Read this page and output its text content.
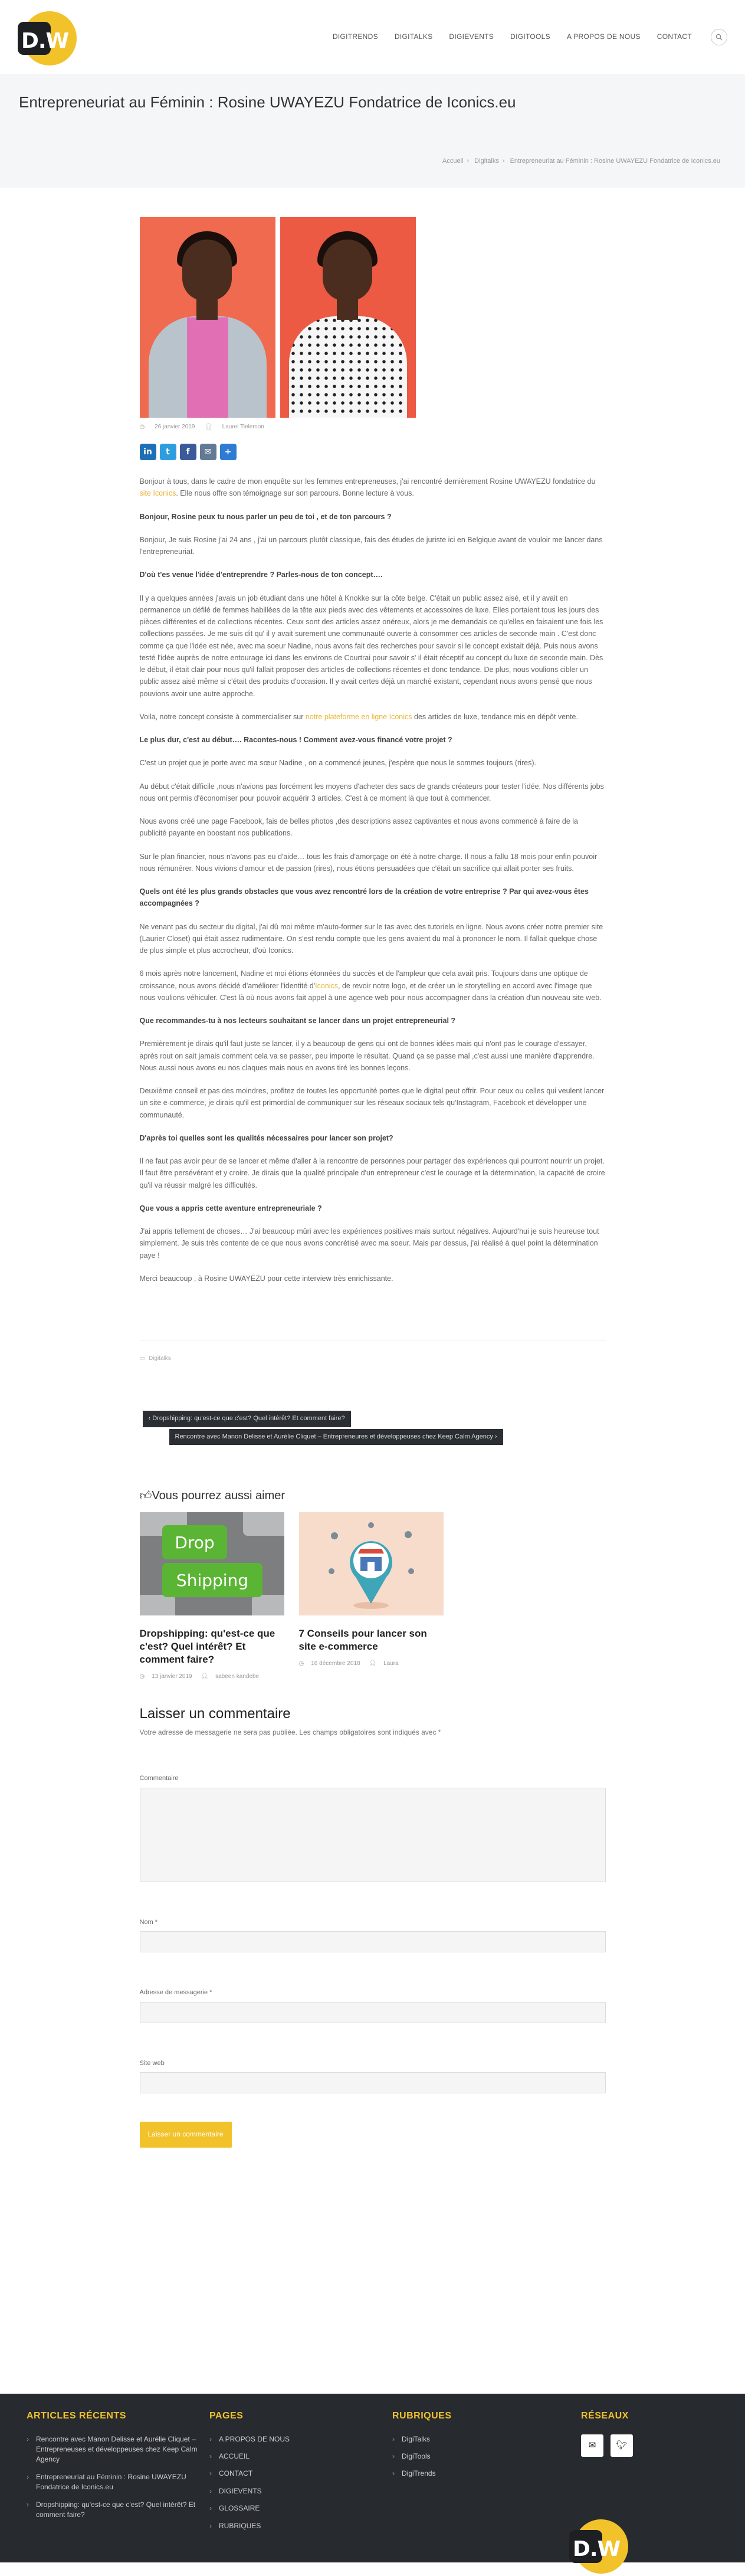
D.W	DIGITRENDS	DIGITALKS	DIGIEVENTS	DIGITOOLS	A PROPOS DE NOUS	CONTACT
Entrepreneuriat au Féminin : Rosine UWAYEZU Fondatrice de Iconics.eu
Accueil › Digitalks › Entrepreneuriat au Féminin : Rosine UWAYEZU Fondatrice de Iconics.eu
◷ 26 janvier 2019 👤︎ Laurel Tielemon
in	t	f	✉	+

Bonjour à tous, dans le cadre de mon enquête sur les femmes entrepreneuses, j'ai rencontré dernièrement Rosine UWAYEZU fondatrice du site Iconics. Elle nous offre son témoignage sur son parcours. Bonne lecture à vous.

Bonjour, Rosine peux tu nous parler un peu de toi , et de ton parcours ?

Bonjour, Je suis Rosine j'ai 24 ans , j'ai un parcours plutôt classique, fais des études de juriste ici en Belgique avant de vouloir me lancer dans l'entrepreneuriat.

D'où t'es venue l'idée d'entreprendre ? Parles-nous de ton concept….

Il y a quelques années j'avais un job étudiant dans une hôtel à Knokke sur la côte belge. C'était un public assez aisé, et il y avait en permanence un défilé de femmes habillées de la tête aux pieds avec des vêtements et accessoires de luxe. Elles portaient tous les jours des pièces différentes et de collections récentes. Ceux sont des articles assez onéreux, alors je me demandais ce qu'elles en faisaient une fois les collections passées. Je me suis dit qu' il y avait surement une communauté ouverte à consommer ces articles de seconde main . C'est donc comme ça que l'idée est née, avec ma soeur Nadine, nous avons fait des recherches pour savoir si le concept existait déjà. Puis nous avons testé l'idée auprès de notre entourage ici dans les environs de Courtrai pour savoir s' il était réceptif au concept du luxe de seconde main. Dès le début, il était clair pour nous qu'il fallait proposer des articles de collections récentes et donc tendance. De plus, nous voulions cibler un public assez aisé même si c'était des produits d'occasion. Il y avait certes déjà un marché existant, cependant nous avons pensé que nous pouvions avoir une autre approche.

Voila, notre concept consiste à commercialiser sur notre plateforme en ligne Iconics des articles de luxe, tendance mis en dépôt vente.

Le plus dur, c'est au début…. Racontes-nous ! Comment avez-vous financé votre projet ?

C'est un projet que je porte avec ma sœur Nadine , on a commencé jeunes, j'espère que nous le sommes toujours (rires).

Au début c'était difficile ,nous n'avions pas forcément les moyens d'acheter des sacs de grands créateurs pour tester l'idée. Nos différents jobs nous ont permis d'économiser pour pouvoir acquérir 3 articles. C'est à ce moment là que tout à commencer.

Nous avons créé une page Facebook, fais de belles photos ,des descriptions assez captivantes et nous avons commencé à faire de la publicité payante en boostant nos publications.

Sur le plan financier, nous n'avons pas eu d'aide… tous les frais d'amorçage on été à notre charge. Il nous a fallu 18 mois pour enfin pouvoir nous rémunérer. Nous vivions d'amour et de passion (rires), nous étions persuadées que c'était un sacrifice qui allait porter ses fruits.

Quels ont été les plus grands obstacles que vous avez rencontré lors de la création de votre entreprise ? Par qui avez-vous êtes accompagnées ?

Ne venant pas du secteur du digital, j'ai dû moi même m'auto-former sur le tas avec des tutoriels en ligne. Nous avons créer notre premier site (Laurier Closet) qui était assez rudimentaire. On s'est rendu compte que les gens avaient du mal à prononcer le nom. Il fallait quelque chose de plus simple et plus accrocheur, d'où Iconics.

6 mois après notre lancement, Nadine et moi étions étonnées du succès et de l'ampleur que cela avait pris. Toujours dans une optique de croissance, nous avons décidé d'améliorer l'identité d'Iconics, de revoir notre logo, et de créer un le storytelling en accord avec l'image que nous voulions véhiculer. C'est là où nous avons fait appel à une agence web pour nous accompagner dans la création d'un nouveau site web.

Que recommandes-tu à nos lecteurs souhaitant se lancer dans un projet entrepreneurial ?

Premièrement je dirais qu'il faut juste se lancer, il y a beaucoup de gens qui ont de bonnes idées mais qui n'ont pas le courage d'essayer, après rout on sait jamais comment cela va se passer, peu importe le résultat. Quand ça se passe mal ,c'est aussi une manière d'apprendre. Nous aussi nous avons eu nos claques mais nous en avons tiré les bonnes leçons.

Deuxième conseil et pas des moindres, profitez de toutes les opportunité portes que le digital peut offrir. Pour ceux ou celles qui veulent lancer un site e-commerce, je dirais qu'il est primordial de communiquer sur les réseaux sociaux tels qu'Instagram, Facebook et développer une communauté.

D'après toi quelles sont les qualités nécessaires pour lancer son projet?

Il ne faut pas avoir peur de se lancer et même d'aller à la rencontre de personnes pour partager des expériences qui pourront nourrir un projet. Il faut être persévérant et y croire. Je dirais que la qualité principale d'un entrepreneur c'est le courage et la détermination, la capacité de croire qu'il va réussir malgré les difficultés.

Que vous a appris cette aventure entrepreneuriale ?

J'ai appris tellement de choses… J'ai beaucoup mûri avec les expériences positives mais surtout négatives. Aujourd'hui je suis heureuse tout simplement. Je suis très contente de ce que nous avons concrétisé avec ma soeur. Mais par dessus, j'ai réalisé à quel point la détermination paye !

Merci beaucoup , à Rosine UWAYEZU pour cette interview très enrichissante.

▭ Digitalks
‹ Dropshipping: qu'est-ce que c'est? Quel intérêt? Et comment faire?
Rencontre avec Manon Delisse et Aurélie Cliquet – Entrepreneures et développeuses chez Keep Calm Agency ›
👍︎Vous pourrez aussi aimer
Drop
Shipping
Dropshipping: qu'est-ce que c'est? Quel intérêt? Et comment faire?
◷ 13 janvier 2019 👤︎ sabeen kandebe
7 Conseils pour lancer son site e-commerce
◷ 16 décembre 2018 👤︎ Laura
Laisser un commentaire
Votre adresse de messagerie ne sera pas publiée. Les champs obligatoires sont indiqués avec *
Commentaire
Nom *
Adresse de messagerie *
Site web
Laisser un commentaire
ARTICLES RÉCENTS
› Rencontre avec Manon Delisse et Aurélie Cliquet – Entrepreneuses et développeuses chez Keep Calm Agency
› Entrepreneuriat au Féminin : Rosine UWAYEZU Fondatrice de Iconics.eu
› Dropshipping: qu'est-ce que c'est? Quel intérêt? Et comment faire?
PAGES
› A PROPOS DE NOUS
› ACCUEIL
› CONTACT
› DIGIEVENTS
› GLOSSAIRE
› RUBRIQUES
RUBRIQUES
› DigiTalks
› DigiTools
› DigiTrends
RÉSEAUX
✉ 🐦︎
D.W
